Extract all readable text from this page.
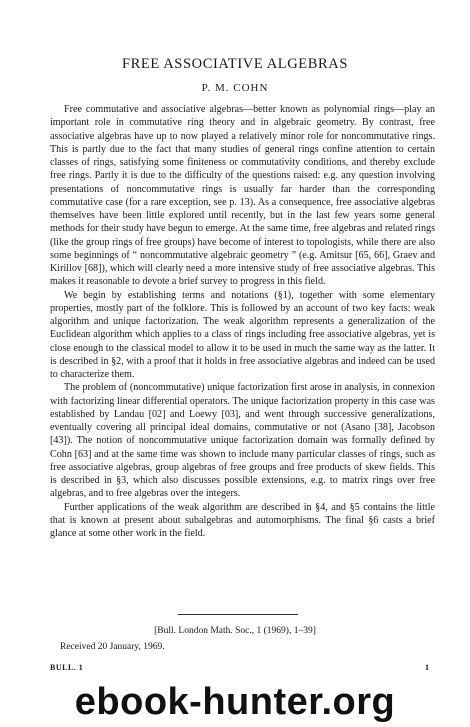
FREE ASSOCIATIVE ALGEBRAS
P. M. COHN

Free commutative and associative algebras—better known as polynomial rings—play an important role in commutative ring theory and in algebraic geometry. By contrast, free associative algebras have up to now played a relatively minor role for noncommutative rings. This is partly due to the fact that many studies of general rings confine attention to certain classes of rings, satisfying some finiteness or commutativity conditions, and thereby exclude free rings. Partly it is due to the difficulty of the questions raised: e.g. any question involving presentations of noncommutative rings is usually far harder than the corresponding commutative case (for a rare exception, see p. 13). As a consequence, free associative algebras themselves have been little explored until recently, but in the last few years some general methods for their study have begun to emerge. At the same time, free algebras and related rings (like the group rings of free groups) have become of interest to topologists, while there are also some beginnings of “ noncommutative algebraic geometry ” (e.g. Amitsur [65, 66], Graev and Kirillov [68]), which will clearly need a more intensive study of free associative algebras. This makes it reasonable to devote a brief survey to progress in this field.

We begin by establishing terms and notations (§1), together with some elementary properties, mostly part of the folklore. This is followed by an account of two key facts: weak algorithm and unique factorization. The weak algorithm represents a generalization of the Euclidean algorithm which applies to a class of rings including free associative algebras, yet is close enough to the classical model to allow it to be used in much the same way as the latter. It is described in §2, with a proof that it holds in free associative algebras and indeed can be used to characterize them.

The problem of (noncommutative) unique factorization first arose in analysis, in connexion with factorizing linear differential operators. The unique factorization property in this case was established by Landau [02] and Loewy [03], and went through successive generalizations, eventually covering all principal ideal domains, commutative or not (Asano [38], Jacobson [43]). The notion of noncommutative unique factorization domain was formally defined by Cohn [63] and at the same time was shown to include many particular classes of rings, such as free associative algebras, group algebras of free groups and free products of skew fields. This is described in §3, which also discusses possible extensions, e.g. to matrix rings over free algebras, and to free algebras over the integers.

Further applications of the weak algorithm are described in §4, and §5 contains the little that is known at present about subalgebras and automorphisms. The final §6 casts a brief glance at some other work in the field.

[Bull. London Math. Soc., 1 (1969), 1–39]
Received 20 January, 1969.
BULL. 1	1
ebook-hunter.org
